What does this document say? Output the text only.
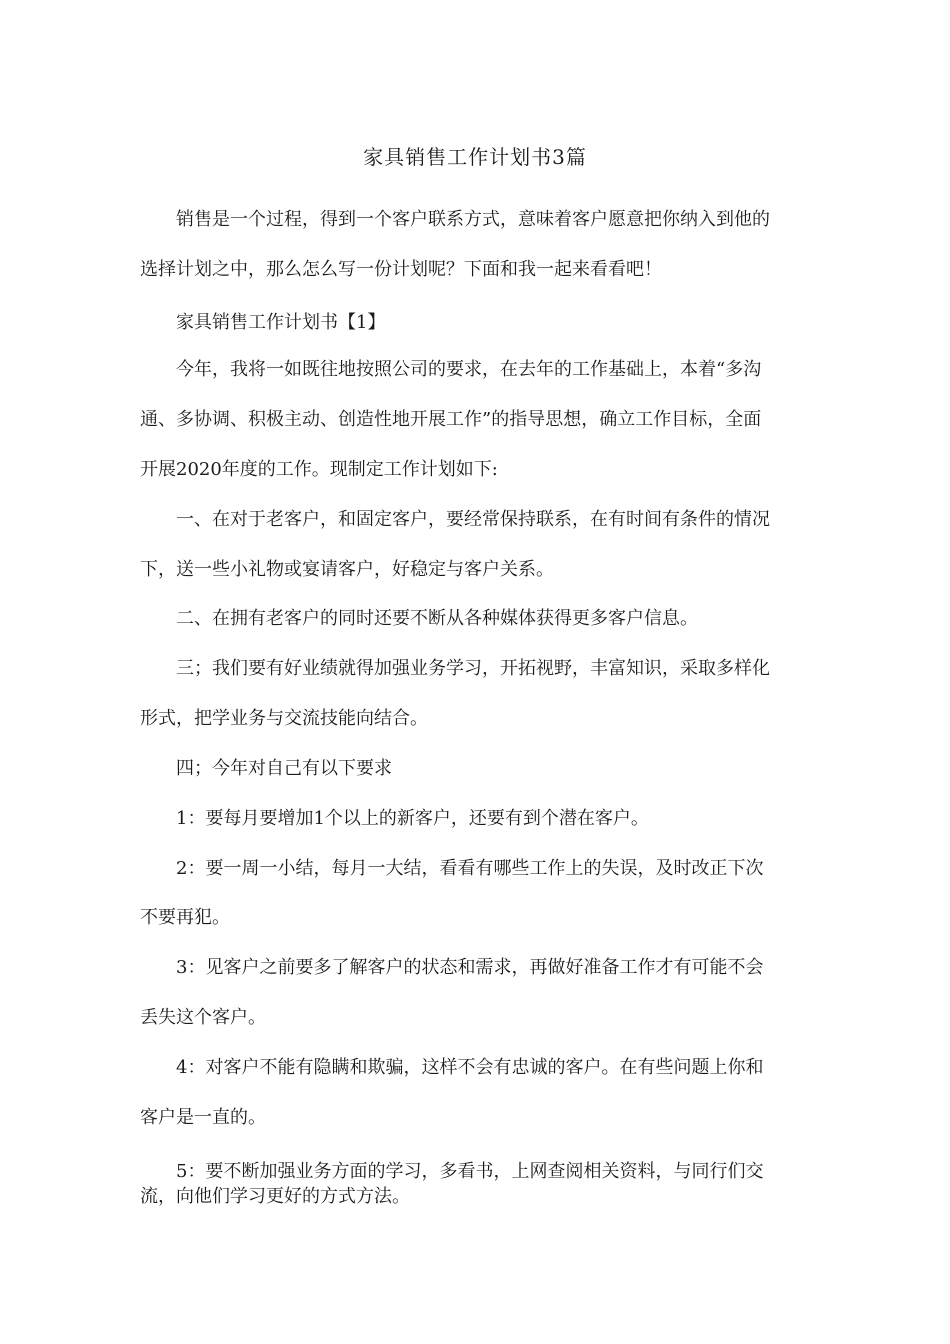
家具销售工作计划书3篇
销售是一个过程，得到一个客户联系方式，意味着客户愿意把你纳入到他的
选择计划之中，那么怎么写一份计划呢？下面和我一起来看看吧！
家具销售工作计划书【1】
今年，我将一如既往地按照公司的要求，在去年的工作基础上，本着“多沟
通、多协调、积极主动、创造性地开展工作”的指导思想，确立工作目标，全面
开展2020年度的工作。现制定工作计划如下:
一、在对于老客户，和固定客户，要经常保持联系，在有时间有条件的情况
下，送一些小礼物或宴请客户，好稳定与客户关系。
二、在拥有老客户的同时还要不断从各种媒体获得更多客户信息。
三；我们要有好业绩就得加强业务学习，开拓视野，丰富知识，采取多样化
形式，把学业务与交流技能向结合。
四；今年对自己有以下要求
1：要每月要增加1个以上的新客户，还要有到个潜在客户。
2：要一周一小结，每月一大结，看看有哪些工作上的失误，及时改正下次
不要再犯。
3：见客户之前要多了解客户的状态和需求，再做好准备工作才有可能不会
丢失这个客户。
4：对客户不能有隐瞒和欺骗，这样不会有忠诚的客户。在有些问题上你和
客户是一直的。
5：要不断加强业务方面的学习，多看书，上网查阅相关资料，与同行们交
流，向他们学习更好的方式方法。
